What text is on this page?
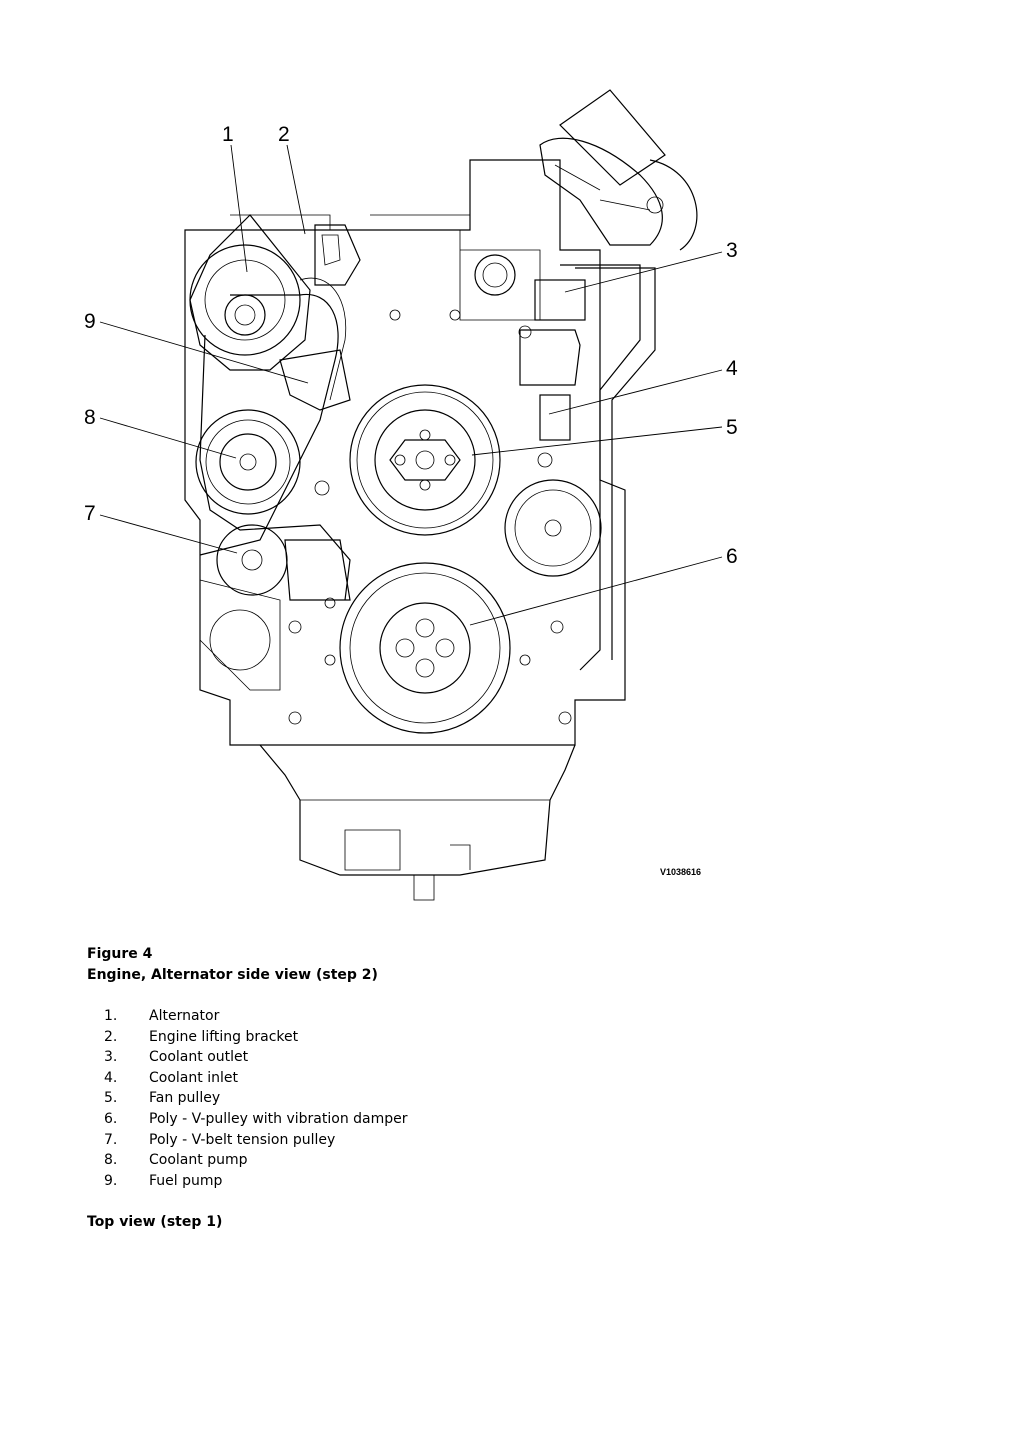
1 2
3
4
5
6
7
8
9
V1038616
Figure 4
Engine, Alternator side view (step 2)
1. Alternator
2. Engine lifting bracket
3. Coolant outlet
4. Coolant inlet
5. Fan pulley
6. Poly - V-pulley with vibration damper
7. Poly - V-belt tension pulley
8. Coolant pump
9. Fuel pump
Top view (step 1)
